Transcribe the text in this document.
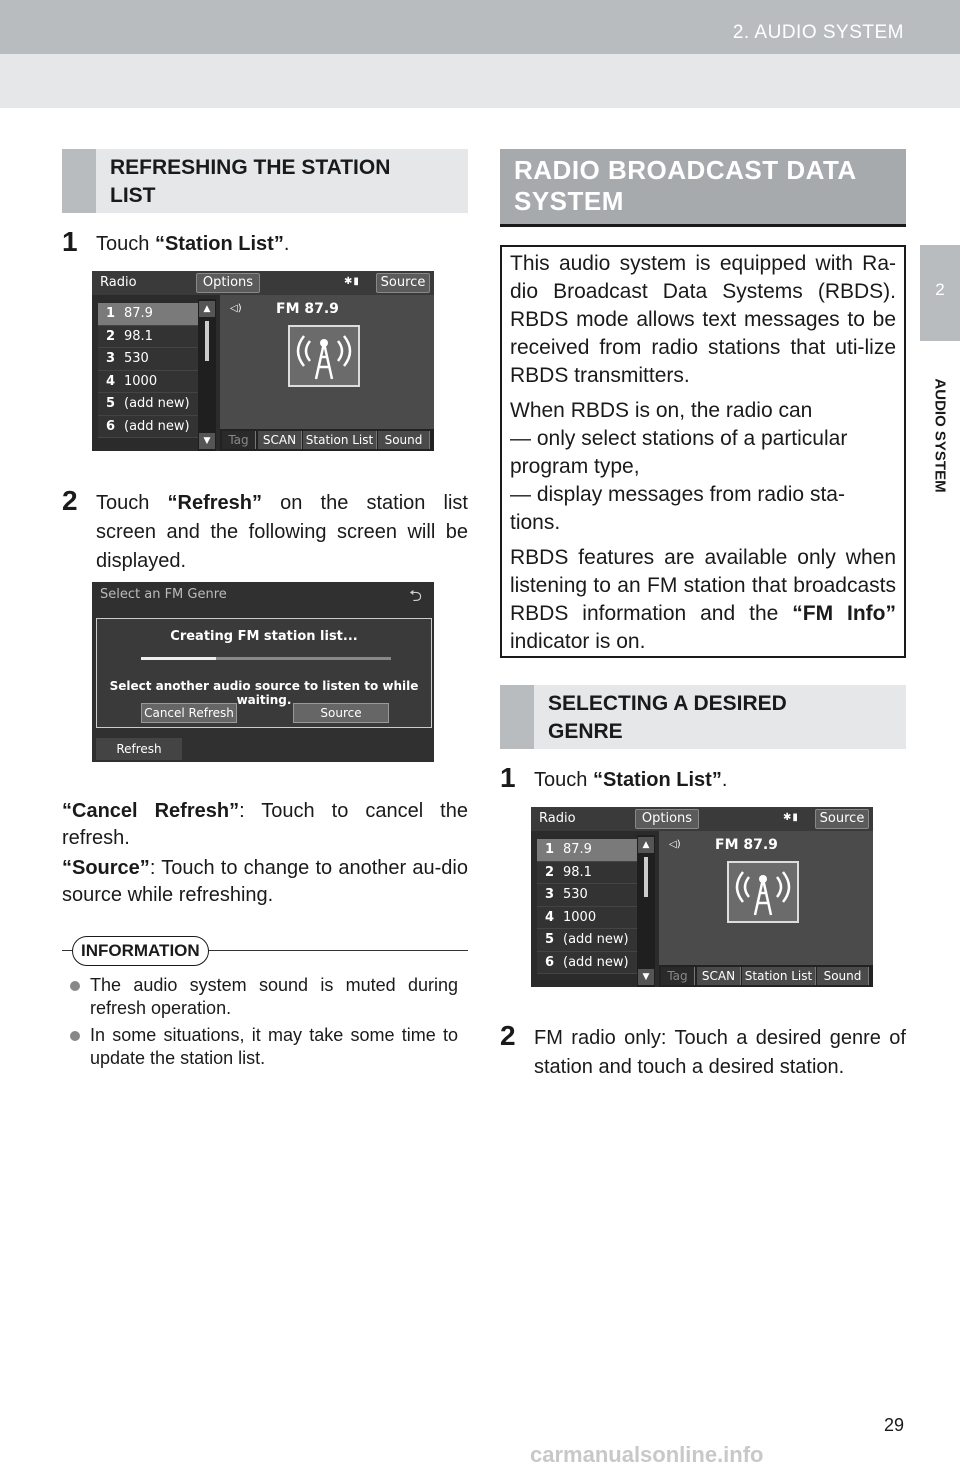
2. AUDIO SYSTEM
2
AUDIO SYSTEM
REFRESHING THE STATION
LIST
1 Touch “Station List”.
Radio	Options	✱▮	Source
1 87.9
2 98.1
3 530
4 1000
5 (add new)
6 (add new)
▲
▼
◁) FM 87.9
Tag	SCAN Station List Sound
2 Touch “Refresh” on the station list screen and the following screen will be displayed.
Select an FM Genre	⮌
Creating FM station list...
Select another audio source to listen to while waiting.
Cancel Refresh	Source
Refresh
“Cancel Refresh”: Touch to cancel the refresh.
“Source”: Touch to change to another au-dio source while refreshing.
INFORMATION
The audio system sound is muted during refresh operation.
In some situations, it may take some time to update the station list.
RADIO BROADCAST DATA
SYSTEM

This audio system is equipped with Ra-dio Broadcast Data Systems (RBDS). RBDS mode allows text messages to be received from radio stations that uti-lize RBDS transmitters.

When RBDS is on, the radio can
— only select stations of a particular
program type,
— display messages from radio sta-
tions.

RBDS features are available only when listening to an FM station that broadcasts RBDS information and the “FM Info” indicator is on.

SELECTING A DESIRED
GENRE
1 Touch “Station List”.
Radio	Options	✱▮	Source
1 87.9
2 98.1
3 530
4 1000
5 (add new)
6 (add new)
▲
▼
◁) FM 87.9
Tag	SCAN Station List Sound
2 FM radio only: Touch a desired genre of station and touch a desired station.
29
carmanualsonline.info
